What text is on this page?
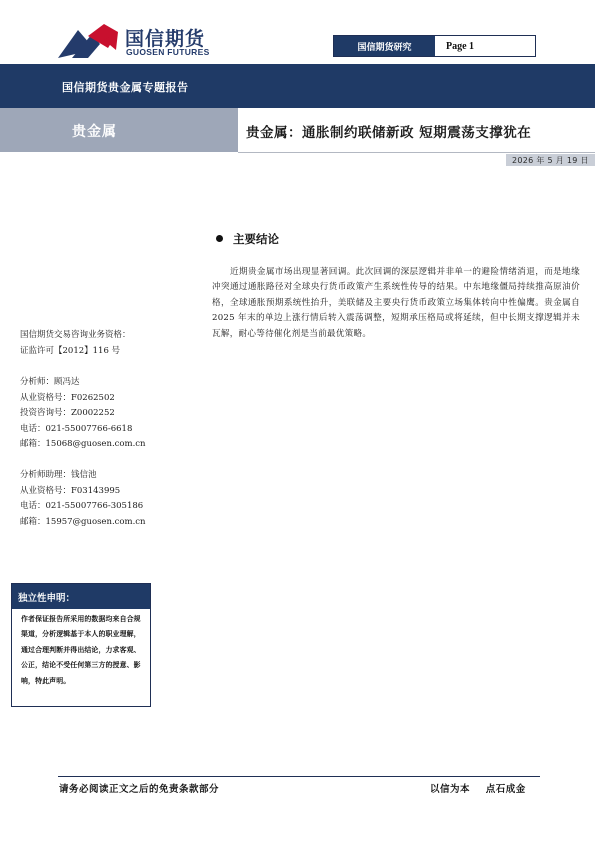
国信期货
GUOSEN FUTURES	国信期货研究	Page 1
国信期货贵金属专题报告
贵金属	贵金属：通胀制约联储新政 短期震荡支撑犹在
2026 年 5 月 19 日
主要结论
近期贵金属市场出现显著回调。此次回调的深层逻辑并非单一的避险情绪消退，而是地缘冲突通过通胀路径对全球央行货币政策产生系统性传导的结果。中东地缘僵局持续推高原油价格，全球通胀预期系统性抬升，美联储及主要央行货币政策立场集体转向中性偏鹰。贵金属自 2025 年末的单边上涨行情后转入震荡调整，短期承压格局或将延续，但中长期支撑逻辑并未瓦解，耐心等待催化剂是当前最优策略。
国信期货交易咨询业务资格：
证监许可【2012】116 号
分析师：顾冯达
从业资格号：F0262502
投资咨询号：Z0002252
电话：021-55007766-6618
邮箱：15068@guosen.com.cn
分析师助理：钱信池
从业资格号：F03143995
电话：021-55007766-305186
邮箱：15957@guosen.com.cn
独立性申明：
作者保证报告所采用的数据均来自合规渠道，分析逻辑基于本人的职业理解，通过合理判断并得出结论，力求客观、公正，结论不受任何第三方的授意、影响，特此声明。
请务必阅读正文之后的免责条款部分	以信为本 点石成金
